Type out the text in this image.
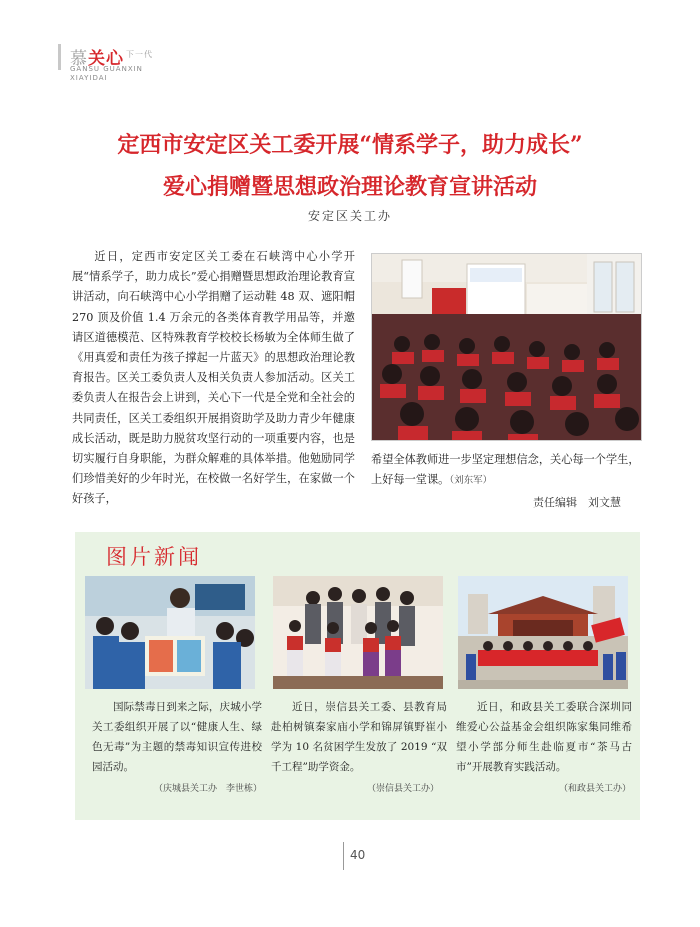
慕关心 $^{下一代}$
GANSU GUANXIN
XIAYIDAI
定西市安定区关工委开展“情系学子，助力成长”
爱心捐赠暨思想政治理论教育宣讲活动
安定区关工办

近日，定西市安定区关工委在石峡湾中心小学开展“情系学子，助力成长”爱心捐赠暨思想政治理论教育宣讲活动，向石峡湾中心小学捐赠了运动鞋 48 双、遮阳帽 270 顶及价值 1.4 万余元的各类体育教学用品等，并邀请区道德模范、区特殊教育学校校长杨敏为全体师生做了《用真爱和责任为孩子撑起一片蓝天》的思想政治理论教育报告。区关工委负责人及相关负责人参加活动。区关工委负责人在报告会上讲到，关心下一代是全党和全社会的共同责任，区关工委组织开展捐资助学及助力青少年健康成长活动，既是助力脱贫攻坚行动的一项重要内容，也是切实履行自身职能，为群众解难的具体举措。他勉励同学们珍惜美好的少年时光，在校做一名好学生，在家做一个好孩子，

希望全体教师进一步坚定理想信念，关心每一个学生，上好每一堂课。（刘东军）
责任编辑　刘文慧
图片新闻

国际禁毒日到来之际，庆城小学关工委组织开展了以“健康人生、绿色无毒”为主题的禁毒知识宣传进校园活动。

近日，崇信县关工委、县教育局赴柏树镇秦家庙小学和锦屏镇野崔小学为 10 名贫困学生发放了 2019 “双千工程”助学资金。

近日，和政县关工委联合深圳同维爱心公益基金会组织陈家集同维希望小学部分师生赴临夏市“茶马古市”开展教育实践活动。

（庆城县关工办　李世栋）	（崇信县关工办）	（和政县关工办）
40
